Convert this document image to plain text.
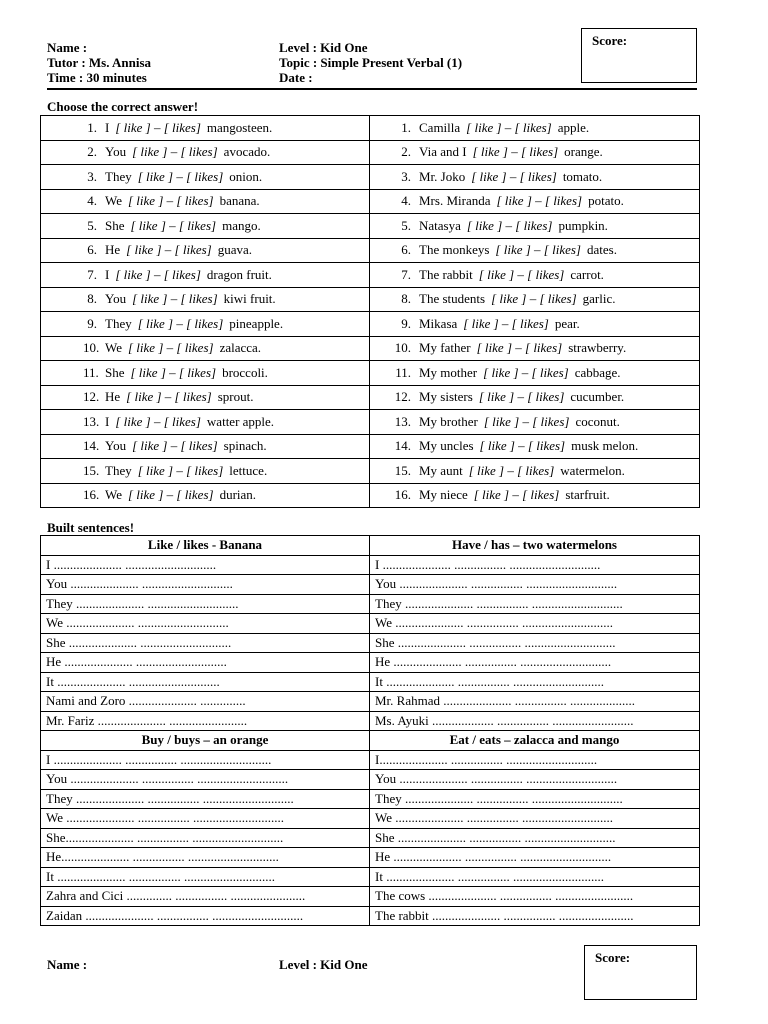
Name :
Tutor : Ms. Annisa
Time : 30 minutes
Level : Kid One
Topic : Simple Present Verbal (1)
Date :
Score:
Choose the correct answer!
1. I [ like ] – [ likes] mangosteen.	1. Camilla [ like ] – [ likes] apple.
2. You [ like ] – [ likes] avocado.	2. Via and I [ like ] – [ likes] orange.
3. They [ like ] – [ likes] onion.	3. Mr. Joko [ like ] – [ likes] tomato.
4. We [ like ] – [ likes] banana.	4. Mrs. Miranda [ like ] – [ likes] potato.
5. She [ like ] – [ likes] mango.	5. Natasya [ like ] – [ likes] pumpkin.
6. He [ like ] – [ likes] guava.	6. The monkeys [ like ] – [ likes] dates.
7. I [ like ] – [ likes] dragon fruit.	7. The rabbit [ like ] – [ likes] carrot.
8. You [ like ] – [ likes] kiwi fruit.	8. The students [ like ] – [ likes] garlic.
9. They [ like ] – [ likes] pineapple.	9. Mikasa [ like ] – [ likes] pear.
10. We [ like ] – [ likes] zalacca.	10. My father [ like ] – [ likes] strawberry.
11. She [ like ] – [ likes] broccoli.	11. My mother [ like ] – [ likes] cabbage.
12. He [ like ] – [ likes] sprout.	12. My sisters [ like ] – [ likes] cucumber.
13. I [ like ] – [ likes] watter apple.	13. My brother [ like ] – [ likes] coconut.
14. You [ like ] – [ likes] spinach.	14. My uncles [ like ] – [ likes] musk melon.
15. They [ like ] – [ likes] lettuce.	15. My aunt [ like ] – [ likes] watermelon.
16. We [ like ] – [ likes] durian.	16. My niece [ like ] – [ likes] starfruit.
Built sentences!
Like / likes - Banana	Have / has – two watermelons
I ..................... ............................	I ..................... ................ ............................
You ..................... ............................	You ..................... ................ ............................
They ..................... ............................	They ..................... ................ ............................
We ..................... ............................	We ..................... ................ ............................
She ..................... ............................	She ..................... ................ ............................
He ..................... ............................	He ..................... ................ ............................
It ..................... ............................	It ..................... ................ ............................
Nami and Zoro ..................... ..............	Mr. Rahmad ..................... ................ ....................
Mr. Fariz ..................... ........................	Ms. Ayuki ................... ................ .........................
Buy / buys – an orange	Eat / eats – zalacca and mango
I ..................... ................ ............................	I..................... ................ ............................
You ..................... ................ ............................	You ..................... ................ ............................
They ..................... ................ ............................	They ..................... ................ ............................
We ..................... ................ ............................	We ..................... ................ ............................
She..................... ................ ............................	She ..................... ................ ............................
He..................... ................ ............................	He ..................... ................ ............................
It ..................... ................ ............................	It ..................... ................ ............................
Zahra and Cici .............. ................ .......................	The cows ..................... ................ ........................
Zaidan ..................... ................ ............................	The rabbit ..................... ................ .......................
Name :	Level : Kid One	Score:
